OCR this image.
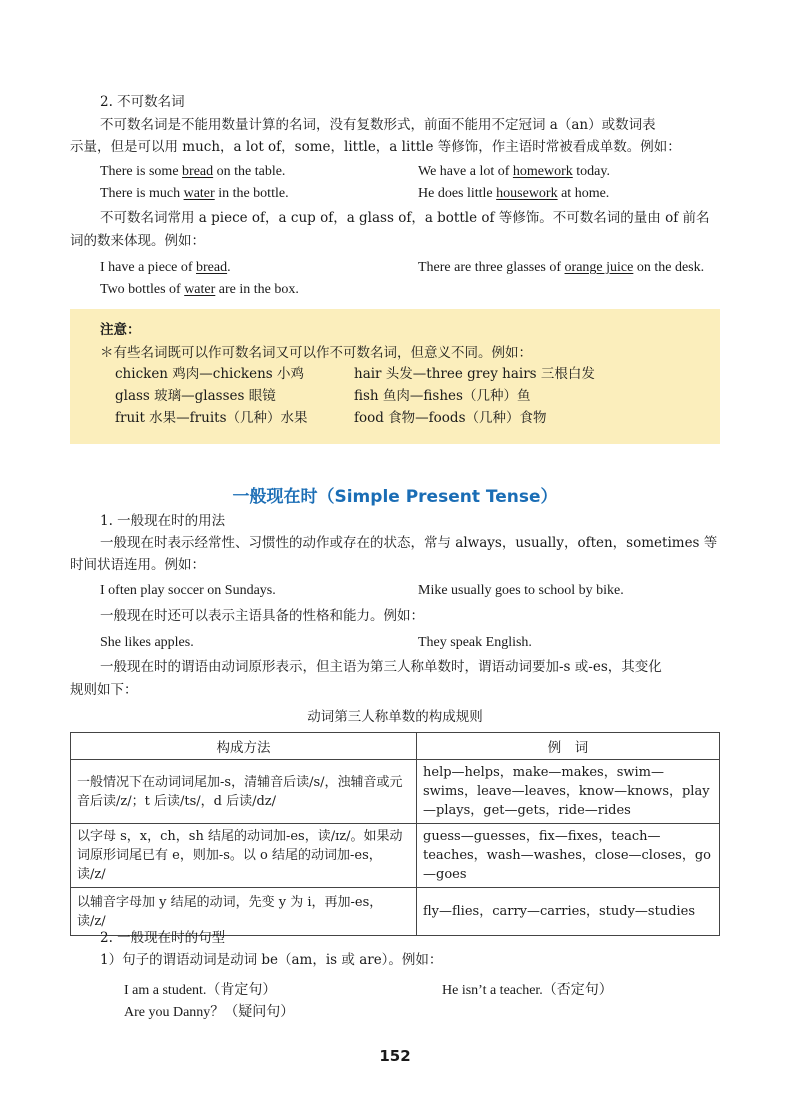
2. 不可数名词
不可数名词是不能用数量计算的名词，没有复数形式，前面不能用不定冠词 a（an）或数词表
示量，但是可以用 much，a lot of，some，little，a little 等修饰，作主语时常被看成单数。例如：
There is some bread on the table.	We have a lot of homework today.
There is much water in the bottle.	He does little housework at home.
不可数名词常用 a piece of，a cup of，a glass of，a bottle of 等修饰。不可数名词的量由 of 前名
词的数来体现。例如：
I have a piece of bread.	There are three glasses of orange juice on the desk.
Two bottles of water are in the box.
注意：
＊有些名词既可以作可数名词又可以作不可数名词，但意义不同。例如：
chicken 鸡肉—chickens 小鸡	hair 头发—three grey hairs 三根白发
glass 玻璃—glasses 眼镜	fish 鱼肉—fishes（几种）鱼
fruit 水果—fruits（几种）水果	food 食物—foods（几种）食物
一般现在时（Simple Present Tense）
1. 一般现在时的用法
一般现在时表示经常性、习惯性的动作或存在的状态，常与 always，usually，often，sometimes 等
时间状语连用。例如：
I often play soccer on Sundays.	Mike usually goes to school by bike.
一般现在时还可以表示主语具备的性格和能力。例如：
She likes apples.	They speak English.
一般现在时的谓语由动词原形表示，但主语为第三人称单数时，谓语动词要加-s 或-es，其变化
规则如下：
动词第三人称单数的构成规则
构成方法	例　词
一般情况下在动词词尾加-s，清辅音后读/s/，浊辅音或元音后读/z/；t 后读/ts/，d 后读/dz/	help—helps，make—makes，swim—swims，leave—leaves，know—knows，play—plays，get—gets，ride—rides
以字母 s，x，ch，sh 结尾的动词加-es，读/ɪz/。如果动词原形词尾已有 e，则加-s。以 o 结尾的动词加-es，读/z/	guess—guesses，fix—fixes，teach—teaches，wash—washes，close—closes，go—goes
以辅音字母加 y 结尾的动词，先变 y 为 i，再加-es，读/z/	fly—flies，carry—carries，study—studies
2. 一般现在时的句型
1）句子的谓语动词是动词 be（am，is 或 are）。例如：
I am a student.（肯定句）	He isn’t a teacher.（否定句）
Are you Danny？（疑问句）
152
